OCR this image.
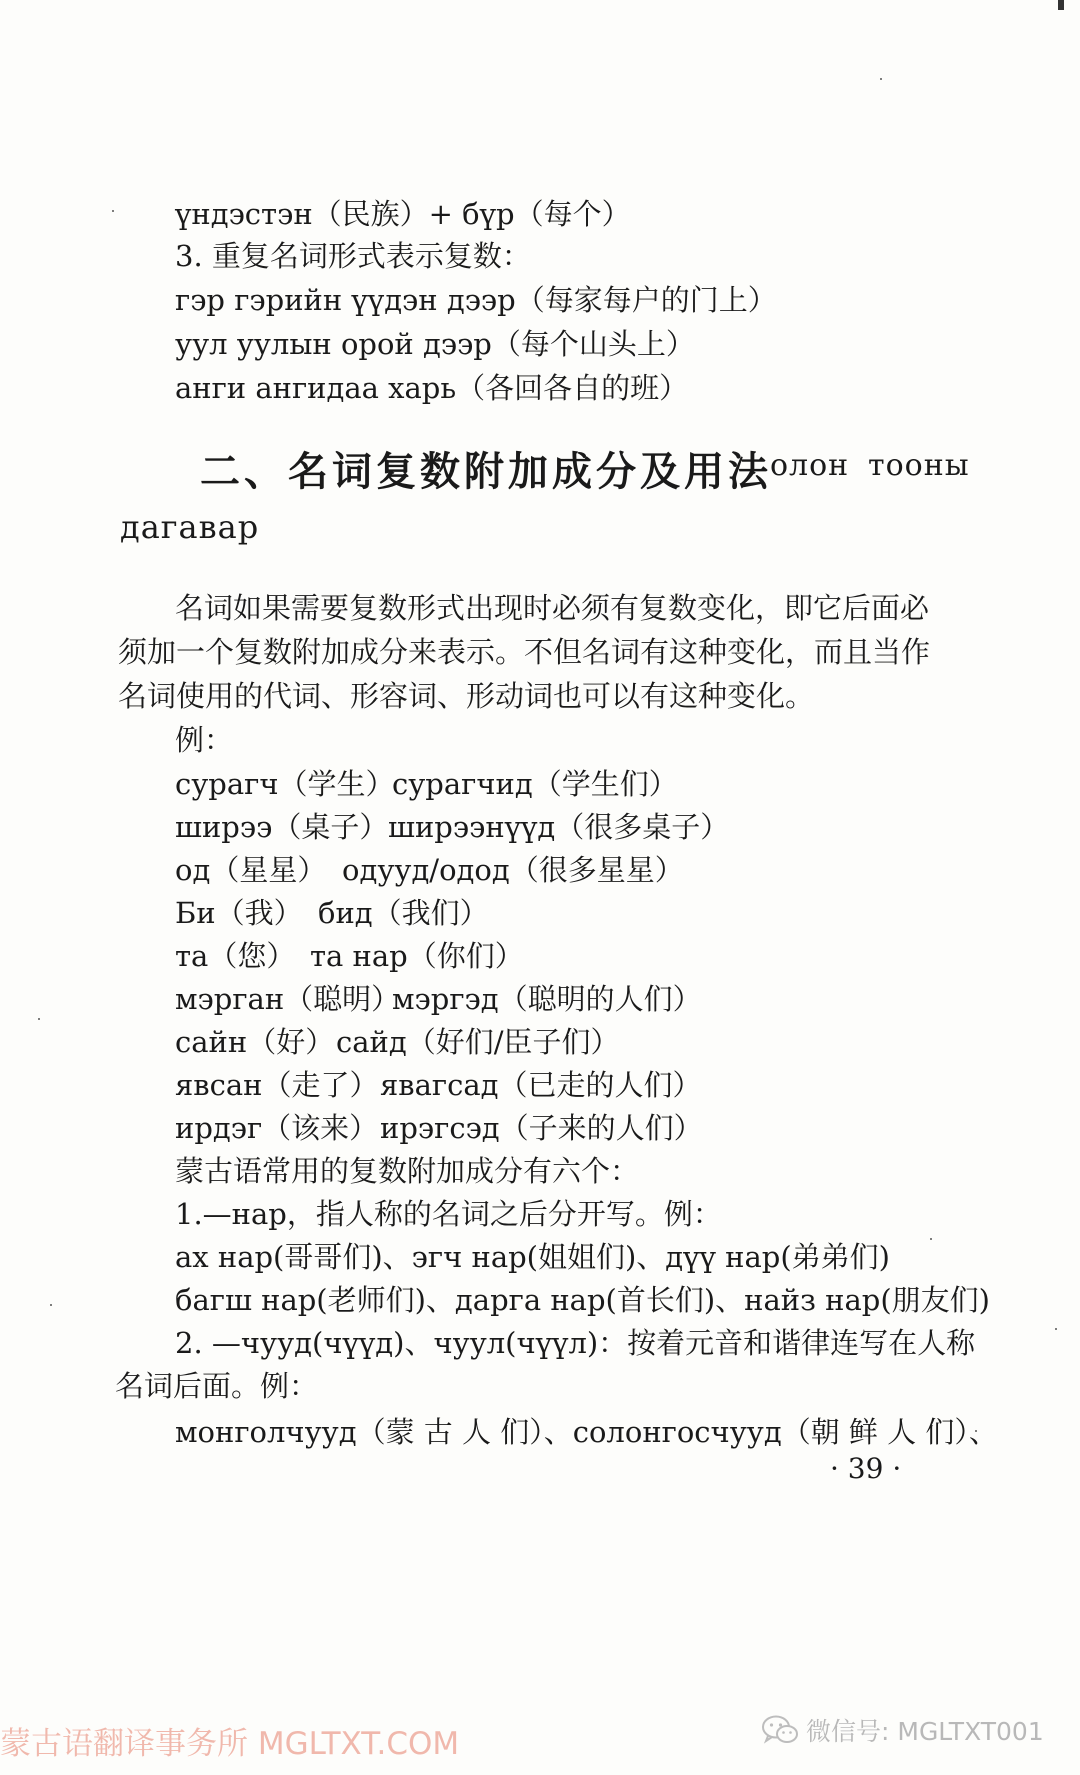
үндэстэн（民族）+ бүр（每个）
3. 重复名词形式表示复数：
гэр гэрийн үүдэн дээр（每家每户的门上）
уул уулын орой дээр（每个山头上）
анги ангидаа харь（各回各自的班）
二、名词复数附加成分及用法
олон тооны
дагавар
名词如果需要复数形式出现时必须有复数变化，即它后面必
须加一个复数附加成分来表示。不但名词有这种变化，而且当作
名词使用的代词、形容词、形动词也可以有这种变化。
例：
сурагч（学生）
сурагчид（学生们）
ширээ（桌子） ширээнүүд（很多桌子）
од（星星） одууд/одод（很多星星）
Би（我） бид（我们）
та（您） та нар（你们）
мэрган（聪明）
мэргэд（聪明的人们）
сайн（好） сайд（好们/臣子们）
явсан（走了） явагсад（已走的人们）
ирдэг（该来） ирэгсэд（子来的人们）
蒙古语常用的复数附加成分有六个：
1.—нар，指人称的名词之后分开写。例：
ах нар(哥哥们)、эгч нар(姐姐们)、дүү нар(弟弟们)
багш нар(老师们)、дарга нар(首长们)、найз нар(朋友们)
2. —чууд(чүүд)、чуул(чүүл)：按着元音和谐律连写在人称
名词后面。例：
монголчууд（蒙 古 人 们）、солонгосчууд（朝 鲜 人 们）、
· 39 ·
蒙古语翻译事务所 MGLTXT.COM	微信号: MGLTXT001
